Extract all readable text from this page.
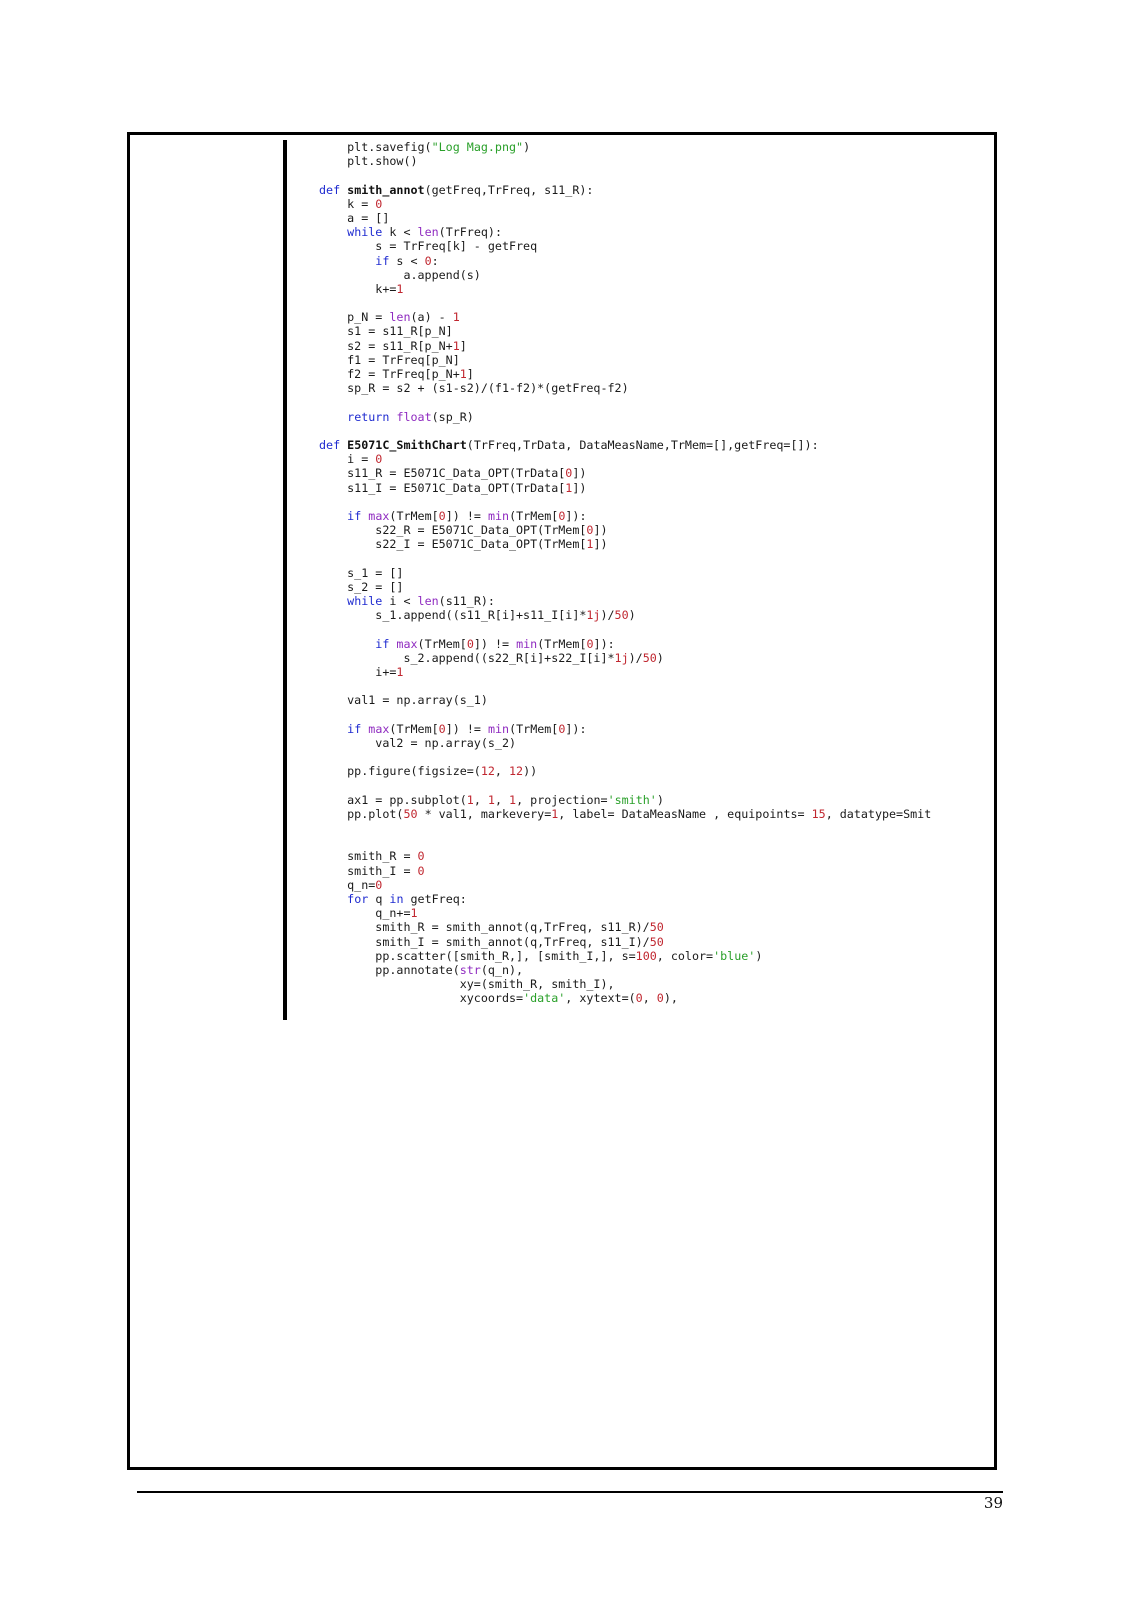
plt.savefig("Log Mag.png")
plt.show()

def smith_annot(getFreq,TrFreq, s11_R):
k = 0
a = []
while k < len(TrFreq):
s = TrFreq[k] - getFreq
if s < 0:
a.append(s)
k+=1

p_N = len(a) - 1
s1 = s11_R[p_N]
s2 = s11_R[p_N+1]
f1 = TrFreq[p_N]
f2 = TrFreq[p_N+1]
sp_R = s2 + (s1-s2)/(f1-f2)*(getFreq-f2)

return float(sp_R)

def E5071C_SmithChart(TrFreq,TrData, DataMeasName,TrMem=[],getFreq=[]):
i = 0
s11_R = E5071C_Data_OPT(TrData[0])
s11_I = E5071C_Data_OPT(TrData[1])

if max(TrMem[0]) != min(TrMem[0]):
s22_R = E5071C_Data_OPT(TrMem[0])
s22_I = E5071C_Data_OPT(TrMem[1])

s_1 = []
s_2 = []
while i < len(s11_R):
s_1.append((s11_R[i]+s11_I[i]*1j)/50)

if max(TrMem[0]) != min(TrMem[0]):
s_2.append((s22_R[i]+s22_I[i]*1j)/50)
i+=1

val1 = np.array(s_1)

if max(TrMem[0]) != min(TrMem[0]):
val2 = np.array(s_2)

pp.figure(figsize=(12, 12))

ax1 = pp.subplot(1, 1, 1, projection='smith')
pp.plot(50 * val1, markevery=1, label= DataMeasName , equipoints= 15, datatype=Smit

smith_R = 0
smith_I = 0
q_n=0
for q in getFreq:
q_n+=1
smith_R = smith_annot(q,TrFreq, s11_R)/50
smith_I = smith_annot(q,TrFreq, s11_I)/50
pp.scatter([smith_R,], [smith_I,], s=100, color='blue')
pp.annotate(str(q_n),
xy=(smith_R, smith_I),
xycoords='data', xytext=(0, 0),
39
